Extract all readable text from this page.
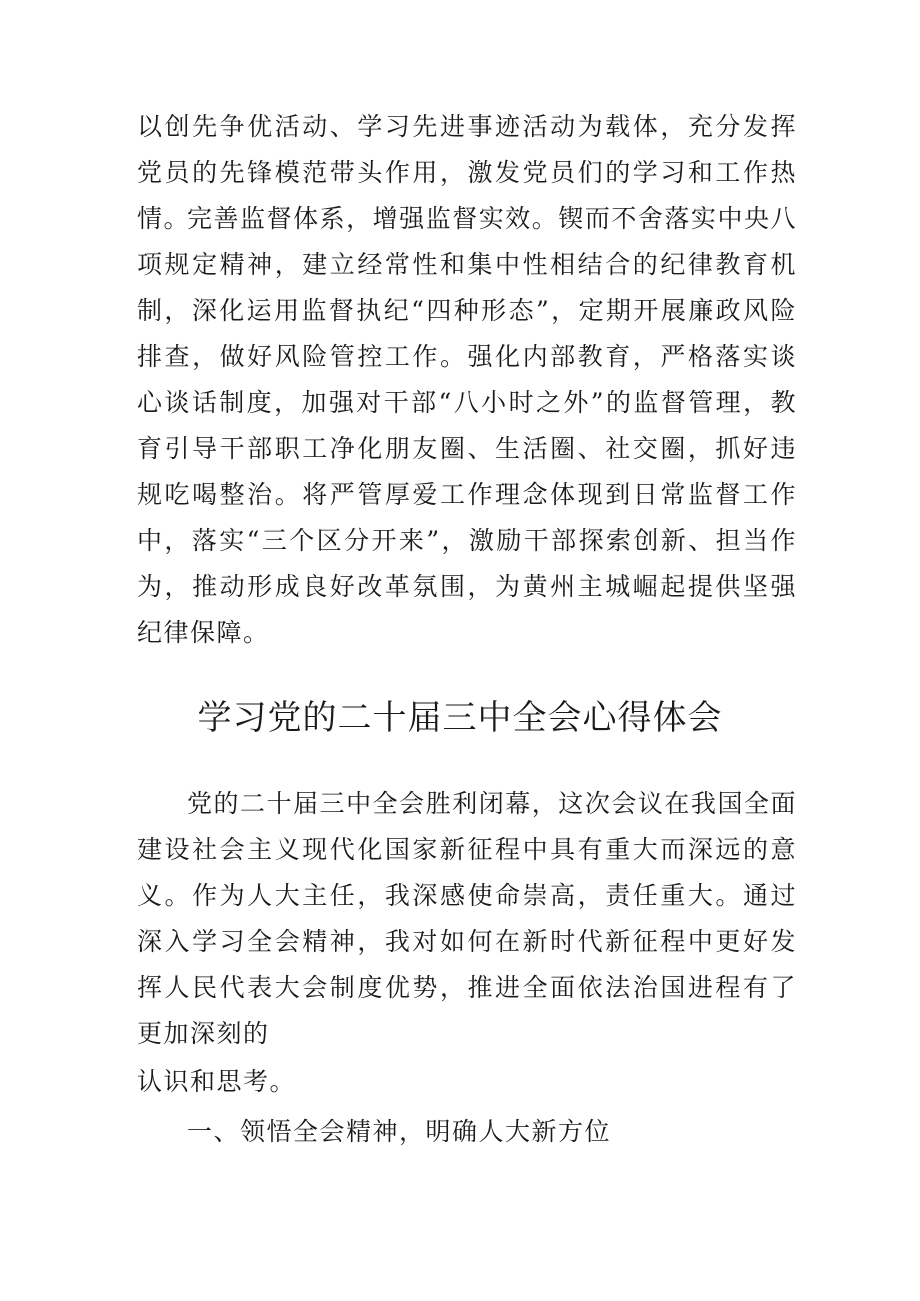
以创先争优活动、学习先进事迹活动为载体，充分发挥党员的先锋模范带头作用，激发党员们的学习和工作热情。

完善监督体系，增强监督实效。锲而不舍落实中央八项规定精神，建立经常性和集中性相结合的纪律教育机制，深化运用监督执纪“四种形态”，定期开展廉政风险排查，做好风险管控工作。强化内部教育，严格落实谈心谈话制度，加强对干部“八小时之外”的监督管理，教育引导干部职工净化朋友圈、生活圈、社交圈，抓好违规吃喝整治。将严管厚爱工作理念体现到日常监督工作中，落实“三个区分开来”，激励干部探索创新、担当作为，推动形成良好改革氛围，为黄州主城崛起提供坚强纪律保障。

学习党的二十届三中全会心得体会

党的二十届三中全会胜利闭幕，这次会议在我国全面建设社会主义现代化国家新征程中具有重大而深远的意义。作为人大主任，我深感使命崇高，责任重大。通过深入学习全会精神，我对如何在新时代新征程中更好发挥人民代表大会制度优势，推进全面依法治国进程有了更加深刻的

认识和思考。

一、领悟全会精神，明确人大新方位
